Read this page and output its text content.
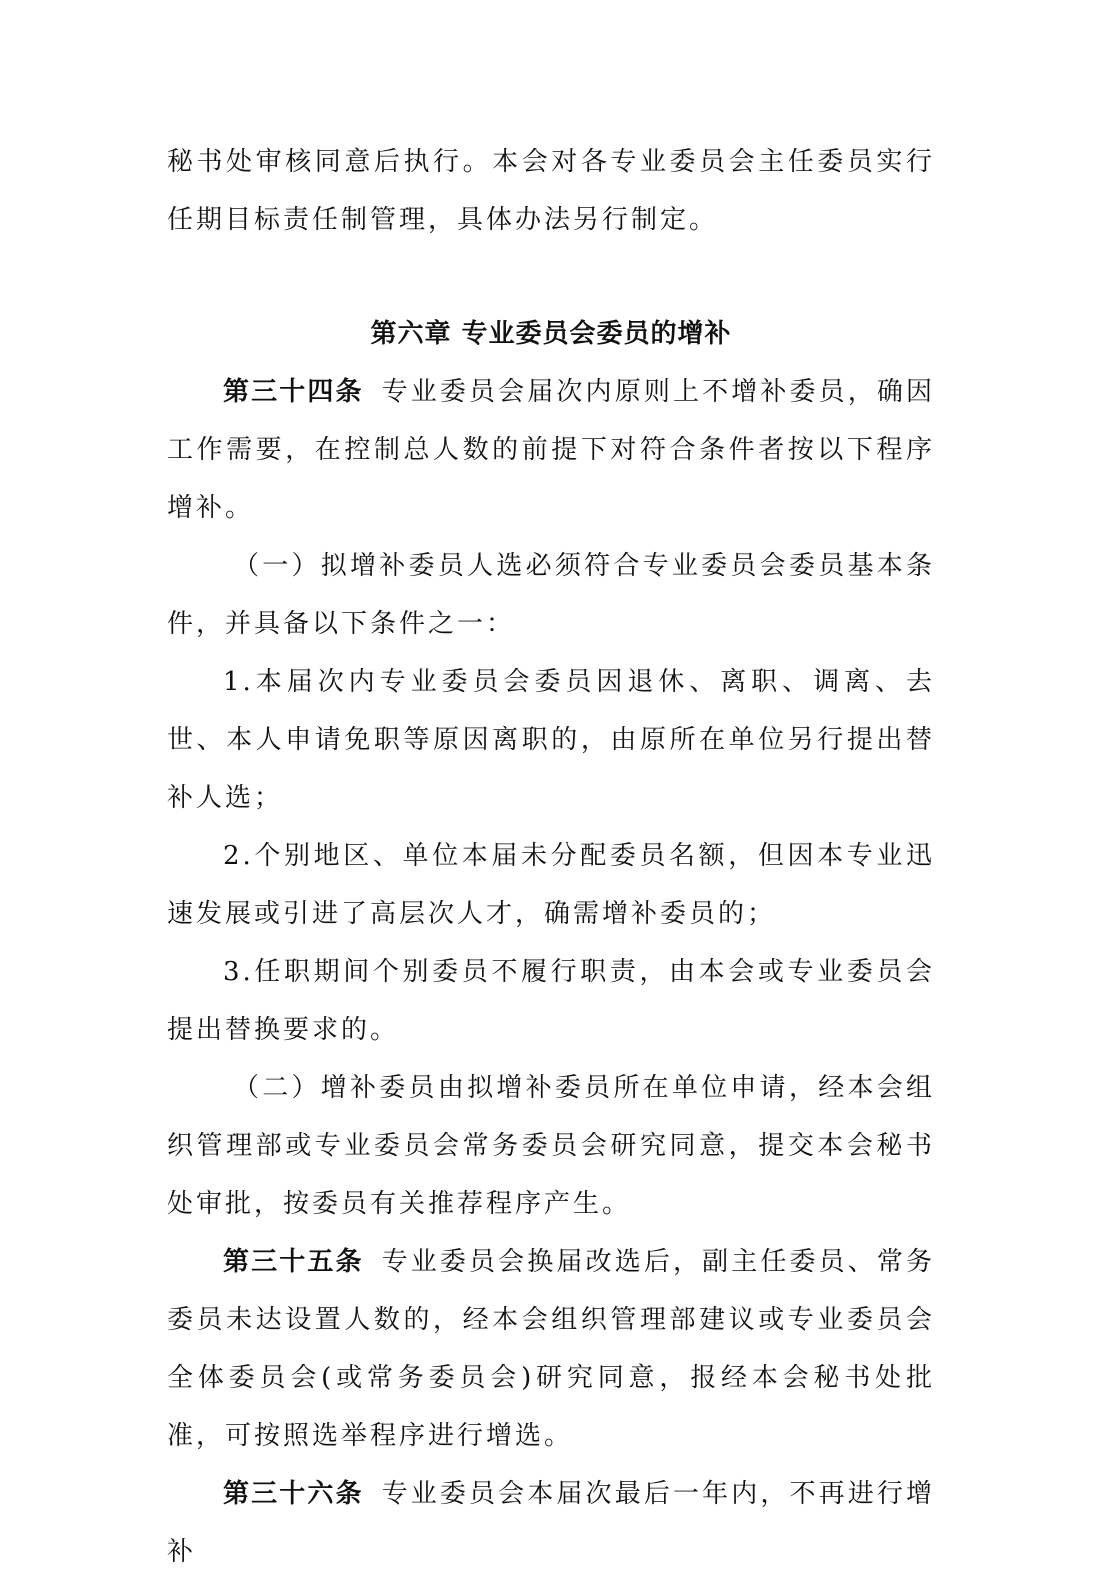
秘书处审核同意后执行。本会对各专业委员会主任委员实行任期目标责任制管理，具体办法另行制定。

第六章 专业委员会委员的增补

第三十四条 专业委员会届次内原则上不增补委员，确因工作需要，在控制总人数的前提下对符合条件者按以下程序增补。

（一）拟增补委员人选必须符合专业委员会委员基本条件，并具备以下条件之一：

1.本届次内专业委员会委员因退休、离职、调离、去世、本人申请免职等原因离职的，由原所在单位另行提出替补人选；

2.个别地区、单位本届未分配委员名额，但因本专业迅速发展或引进了高层次人才，确需增补委员的；

3.任职期间个别委员不履行职责，由本会或专业委员会提出替换要求的。

（二）增补委员由拟增补委员所在单位申请，经本会组织管理部或专业委员会常务委员会研究同意，提交本会秘书处审批，按委员有关推荐程序产生。

第三十五条 专业委员会换届改选后，副主任委员、常务委员未达设置人数的，经本会组织管理部建议或专业委员会全体委员会(或常务委员会)研究同意，报经本会秘书处批准，可按照选举程序进行增选。

第三十六条 专业委员会本届次最后一年内，不再进行增补
